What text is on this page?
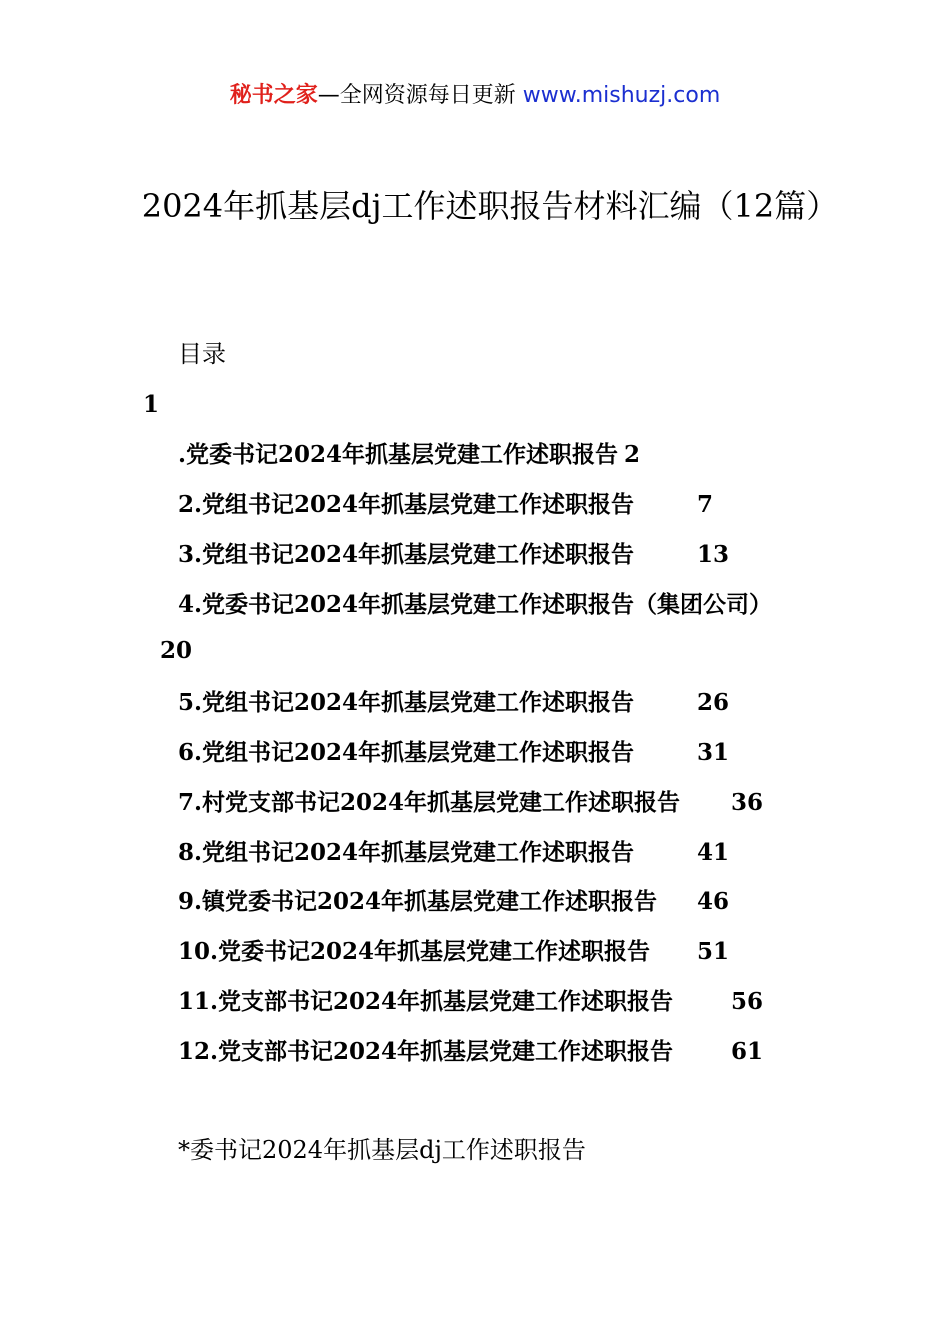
秘书之家—全网资源每日更新 www.mishuzj.com
2024年抓基层dj工作述职报告材料汇编（12篇）
目录
1
.党委书记2024年抓基层党建工作述职报告 2
2.党组书记2024年抓基层党建工作述职报告	7
3.党组书记2024年抓基层党建工作述职报告	13
4.党委书记2024年抓基层党建工作述职报告（集团公司）
20
5.党组书记2024年抓基层党建工作述职报告	26
6.党组书记2024年抓基层党建工作述职报告	31
7.村党支部书记2024年抓基层党建工作述职报告 36
8.党组书记2024年抓基层党建工作述职报告	41
9.镇党委书记2024年抓基层党建工作述职报告 46
10.党委书记2024年抓基层党建工作述职报告 51
11.党支部书记2024年抓基层党建工作述职报告	56
12.党支部书记2024年抓基层党建工作述职报告	61
*委书记2024年抓基层dj工作述职报告
